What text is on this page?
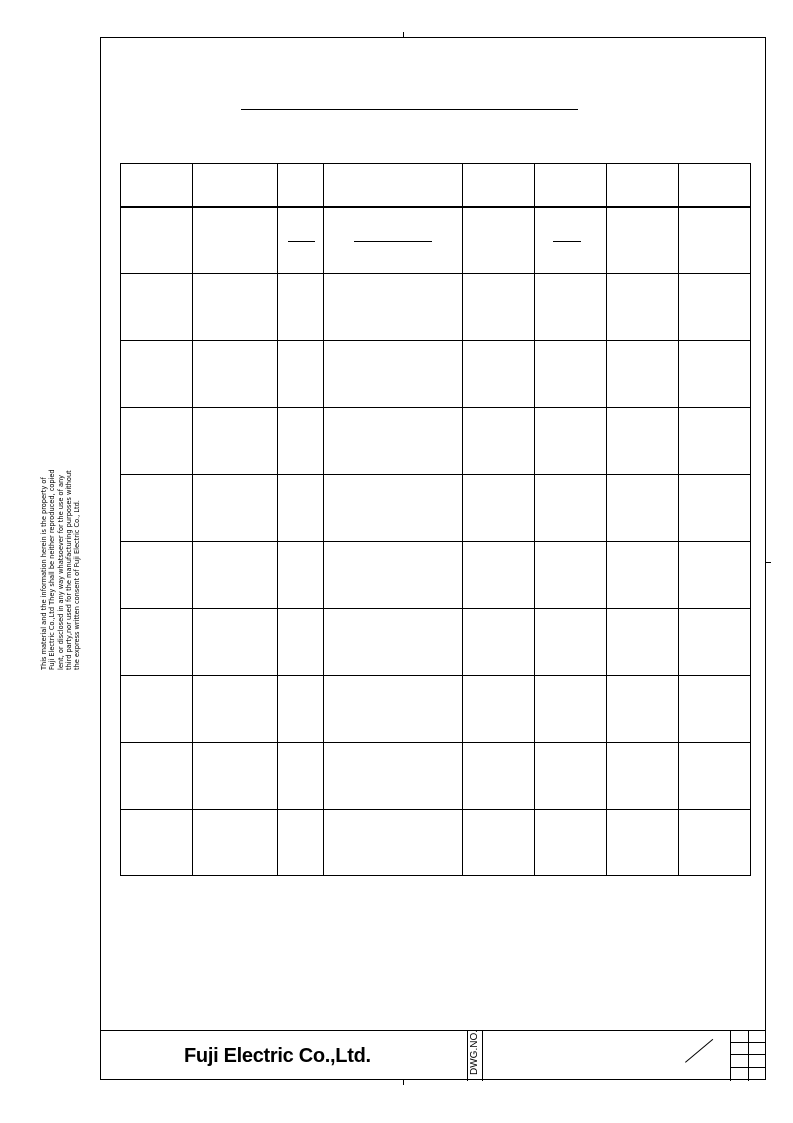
This material and the information herein is the property of Fuji Electric Co.,Ltd They shall be neither reproduced, copied lent, or disclosed in any way whatsoever for the use of any third party,nor used for the manufacturing purposes without the express written consent of Fuji Electric Co., Ltd.
Fuji Electric Co.,Ltd.	DWG.NO.
